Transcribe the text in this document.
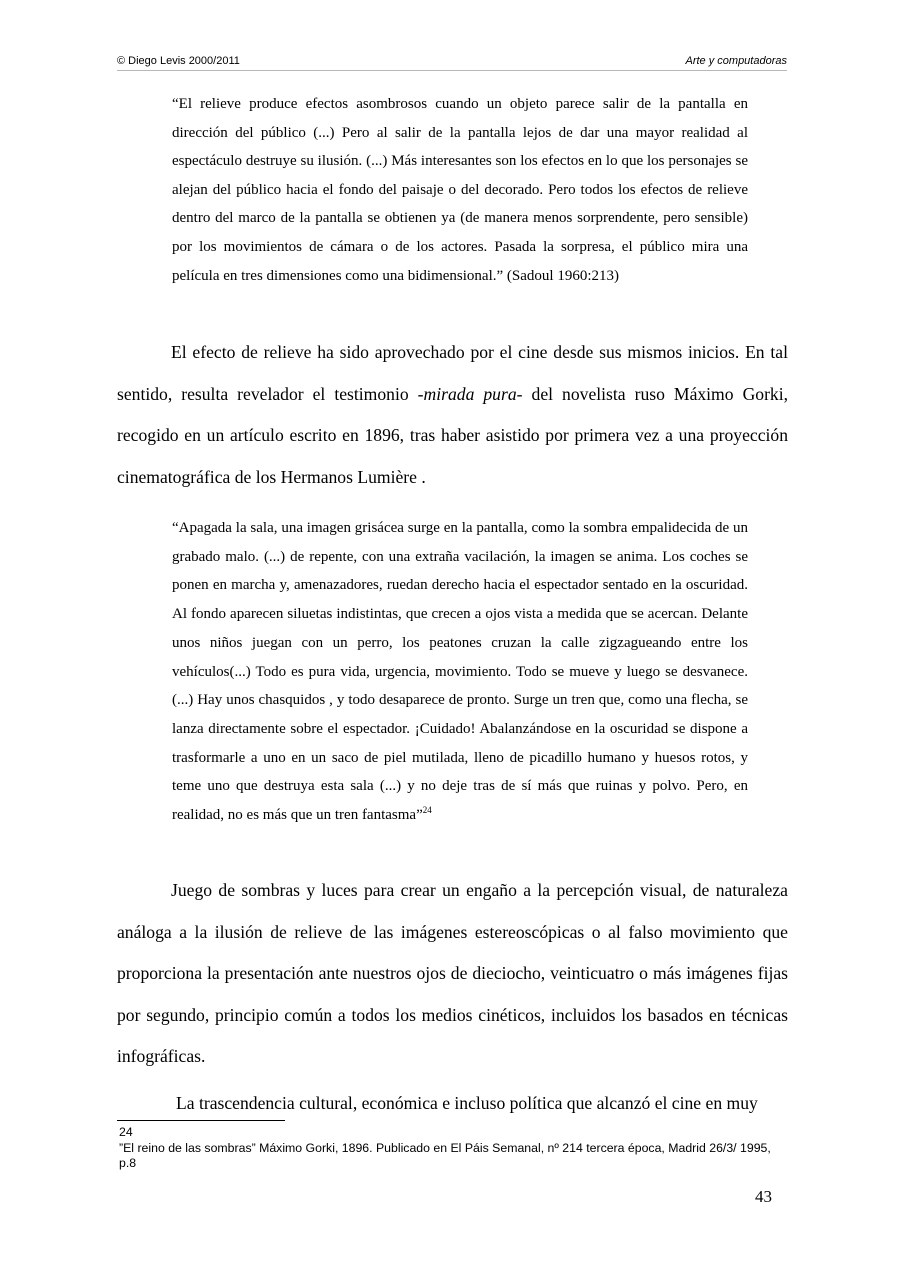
© Diego Levis 2000/2011	Arte y computadoras

“El relieve produce efectos asombrosos cuando un objeto parece salir de la pantalla en dirección del público (...) Pero al salir de la pantalla lejos de dar una mayor realidad al espectáculo destruye su ilusión. (...) Más interesantes son los efectos en lo que los personajes se alejan del público hacia el fondo del paisaje o del decorado. Pero todos los efectos de relieve dentro del marco de la pantalla se obtienen ya (de manera menos sorprendente, pero sensible) por los movimientos de cámara o de los actores. Pasada la sorpresa, el público mira una película en tres dimensiones como una bidimensional.” (Sadoul 1960:213)

El efecto de relieve ha sido aprovechado por el cine desde sus mismos inicios. En tal sentido, resulta revelador el testimonio -mirada pura- del novelista ruso Máximo Gorki, recogido en un artículo escrito en 1896, tras haber asistido por primera vez a una proyección cinematográfica de los Hermanos Lumière .

“Apagada la sala, una imagen grisácea surge en la pantalla, como la sombra empalidecida de un grabado malo. (...) de repente, con una extraña vacilación, la imagen se anima. Los coches se ponen en marcha y, amenazadores, ruedan derecho hacia el espectador sentado en la oscuridad. Al fondo aparecen siluetas indistintas, que crecen a ojos vista a medida que se acercan. Delante unos niños juegan con un perro, los peatones cruzan la calle zigzagueando entre los vehículos(...) Todo es pura vida, urgencia, movimiento. Todo se mueve y luego se desvanece.(...) Hay unos chasquidos , y todo desaparece de pronto. Surge un tren que, como una flecha, se lanza directamente sobre el espectador. ¡Cuidado! Abalanzándose en la oscuridad se dispone a trasformarle a uno en un saco de piel mutilada, lleno de picadillo humano y huesos rotos, y teme uno que destruya esta sala (...) y no deje tras de sí más que ruinas y polvo. Pero, en realidad, no es más que un tren fantasma”$^{24}$

Juego de sombras y luces para crear un engaño a la percepción visual, de naturaleza análoga a la ilusión de relieve de las imágenes estereoscópicas o al falso movimiento que proporciona la presentación ante nuestros ojos de dieciocho, veinticuatro o más imágenes fijas por segundo, principio común a todos los medios cinéticos, incluidos los basados en técnicas infográficas.

La trascendencia cultural, económica e incluso política que alcanzó el cine en muy

24
”El reino de las sombras” Máximo Gorki, 1896. Publicado en El Páis Semanal, nº 214 tercera época, Madrid 26/3/ 1995, p.8
43
